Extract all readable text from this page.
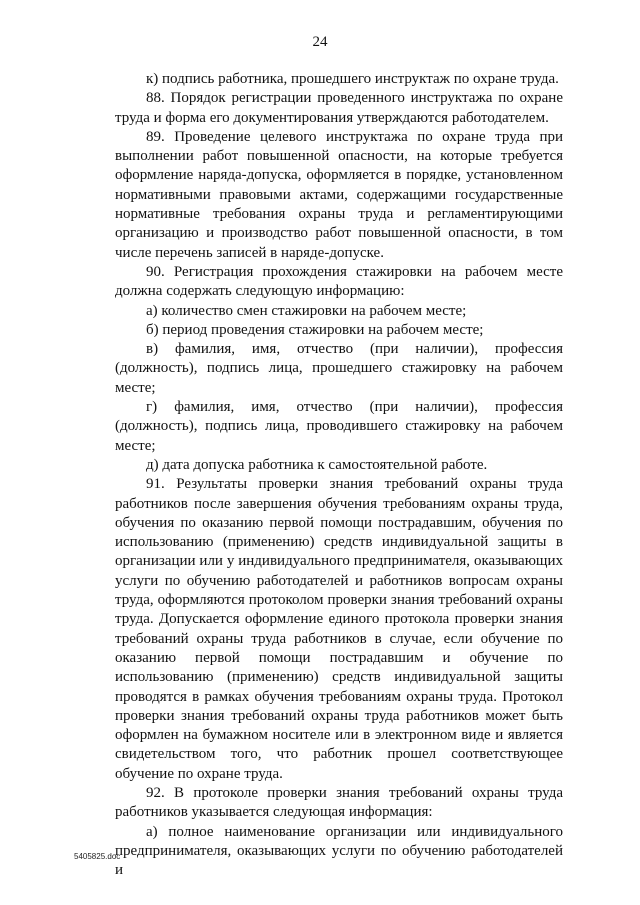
24

к) подпись работника, прошедшего инструктаж по охране труда.

88. Порядок регистрации проведенного инструктажа по охране труда и форма его документирования утверждаются работодателем.

89. Проведение целевого инструктажа по охране труда при выполнении работ повышенной опасности, на которые требуется оформление наряда-допуска, оформляется в порядке, установленном нормативными правовыми актами, содержащими государственные нормативные требования охраны труда и регламентирующими организацию и производство работ повышенной опасности, в том числе перечень записей в наряде-допуске.

90. Регистрация прохождения стажировки на рабочем месте должна содержать следующую информацию:

а) количество смен стажировки на рабочем месте;

б) период проведения стажировки на рабочем месте;

в) фамилия, имя, отчество (при наличии), профессия (должность), подпись лица, прошедшего стажировку на рабочем месте;

г) фамилия, имя, отчество (при наличии), профессия (должность), подпись лица, проводившего стажировку на рабочем месте;

д) дата допуска работника к самостоятельной работе.

91. Результаты проверки знания требований охраны труда работников после завершения обучения требованиям охраны труда, обучения по оказанию первой помощи пострадавшим, обучения по использованию (применению) средств индивидуальной защиты в организации или у индивидуального предпринимателя, оказывающих услуги по обучению работодателей и работников вопросам охраны труда, оформляются протоколом проверки знания требований охраны труда. Допускается оформление единого протокола проверки знания требований охраны труда работников в случае, если обучение по оказанию первой помощи пострадавшим и обучение по использованию (применению) средств индивидуальной защиты проводятся в рамках обучения требованиям охраны труда. Протокол проверки знания требований охраны труда работников может быть оформлен на бумажном носителе или в электронном виде и является свидетельством того, что работник прошел соответствующее обучение по охране труда.

92. В протоколе проверки знания требований охраны труда работников указывается следующая информация:

а) полное наименование организации или индивидуального предпринимателя, оказывающих услуги по обучению работодателей и

5405825.doc
